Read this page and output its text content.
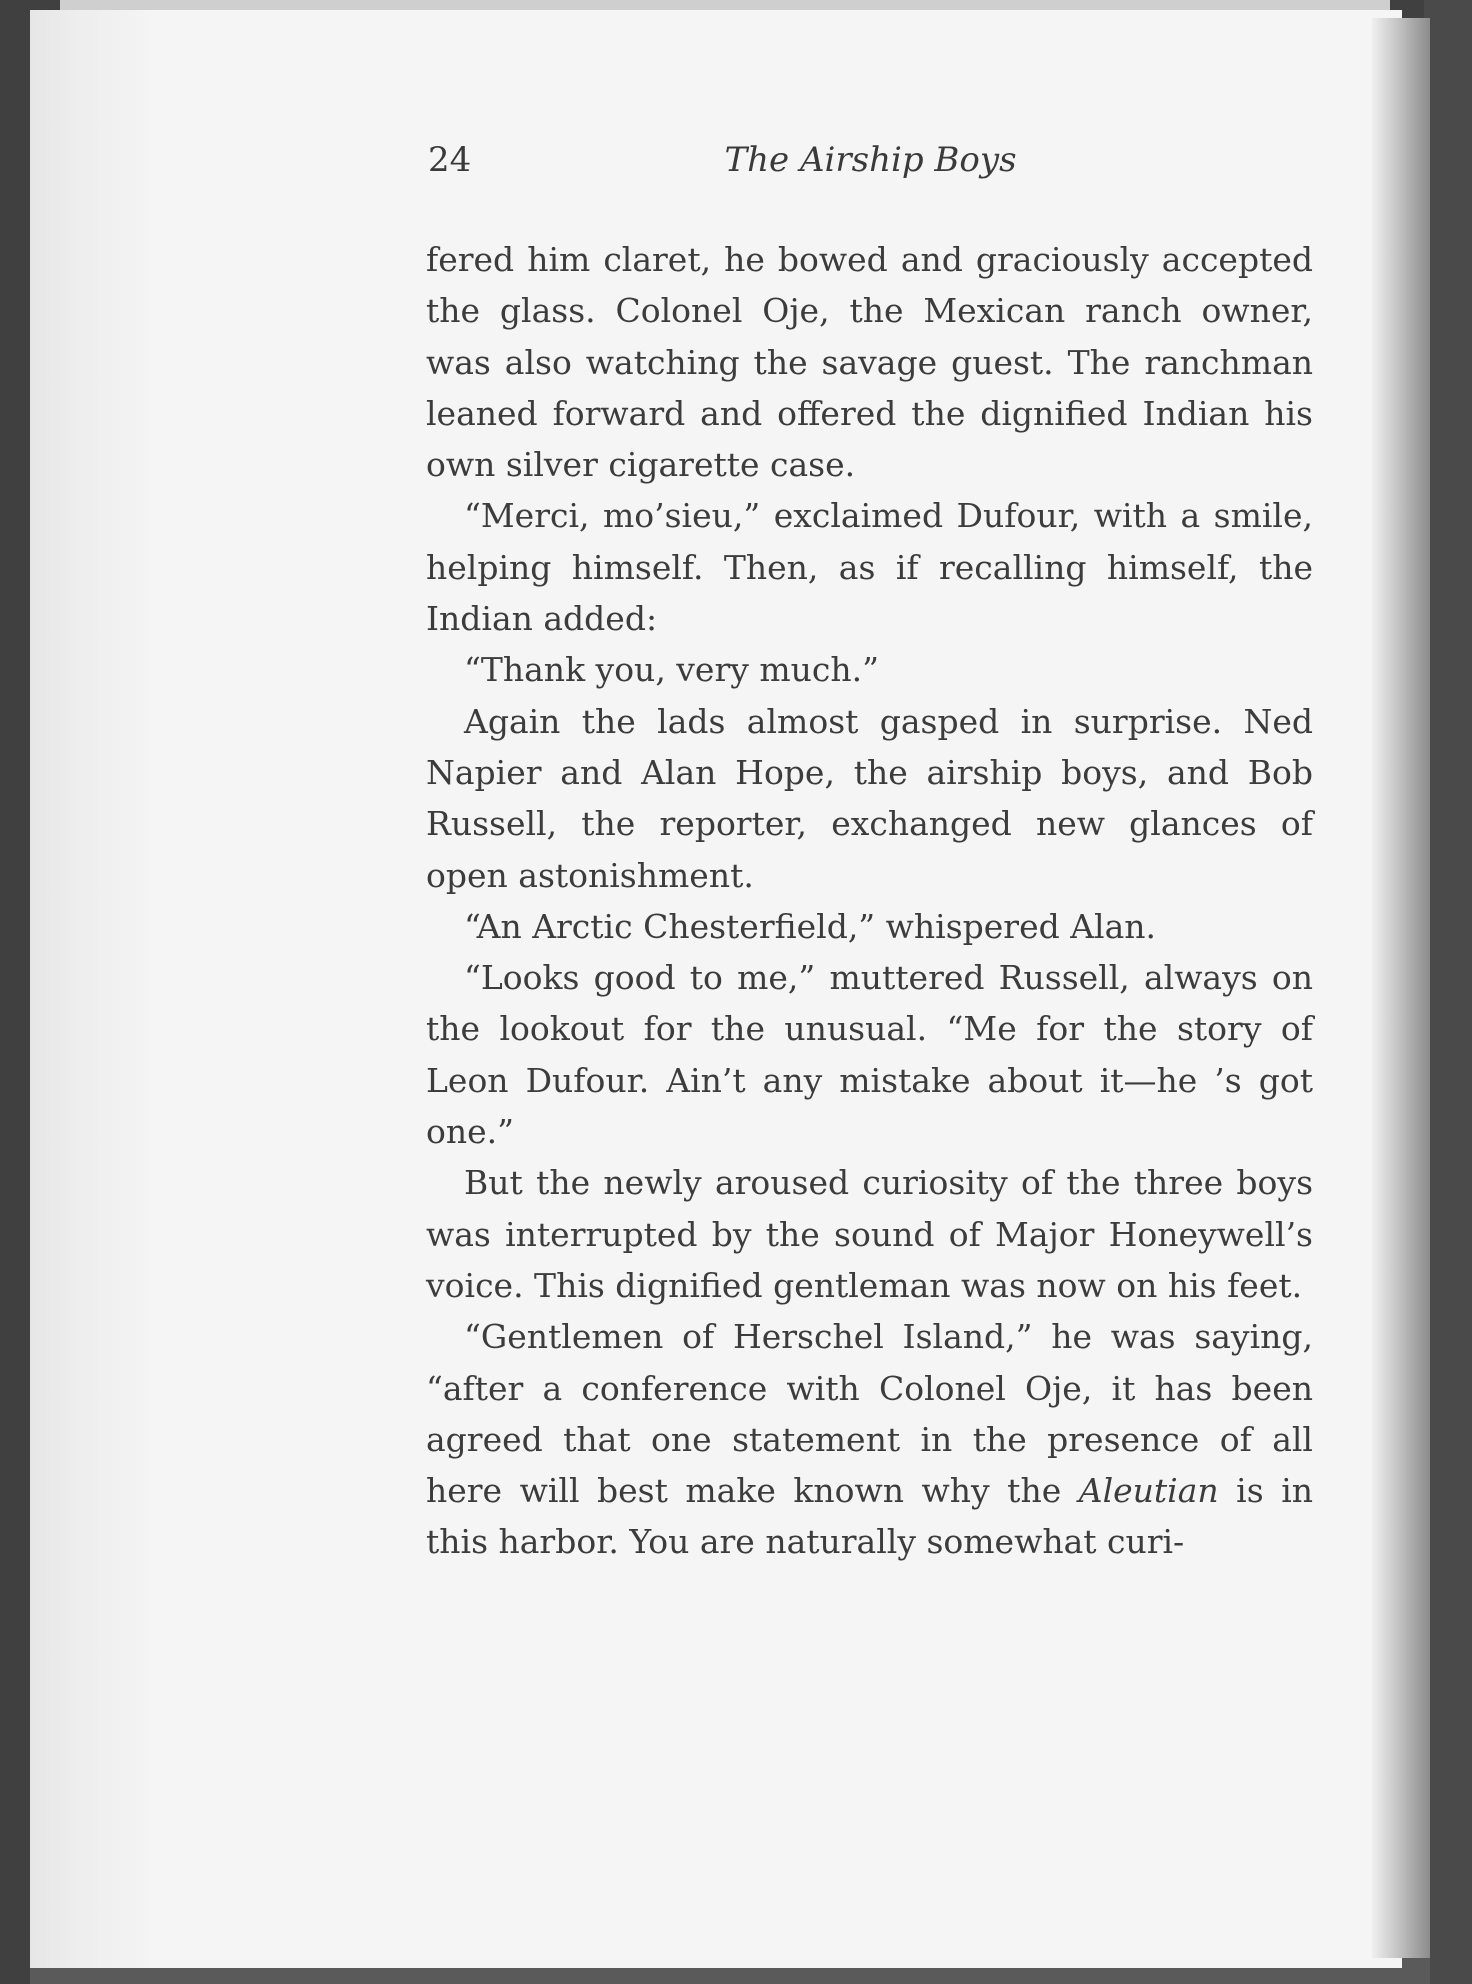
24	The Airship Boys

fered him claret, he bowed and graciously accepted the glass. Colonel Oje, the Mexican ranch owner, was also watching the savage guest. The ranchman leaned forward and offered the dignified Indian his own silver cigarette case.

“Merci, mo’sieu,” exclaimed Dufour, with a smile, helping himself. Then, as if recalling himself, the Indian added:

“Thank you, very much.”

Again the lads almost gasped in surprise. Ned Napier and Alan Hope, the airship boys, and Bob Russell, the reporter, exchanged new glances of open astonishment.

“An Arctic Chesterfield,” whispered Alan.

“Looks good to me,” muttered Russell, always on the lookout for the unusual. “Me for the story of Leon Dufour. Ain’t any mistake about it—he ’s got one.”

But the newly aroused curiosity of the three boys was interrupted by the sound of Major Honeywell’s voice. This dignified gentleman was now on his feet.

“Gentlemen of Herschel Island,” he was saying, “after a conference with Colonel Oje, it has been agreed that one statement in the presence of all here will best make known why the Aleutian is in this harbor. You are naturally somewhat curi-
